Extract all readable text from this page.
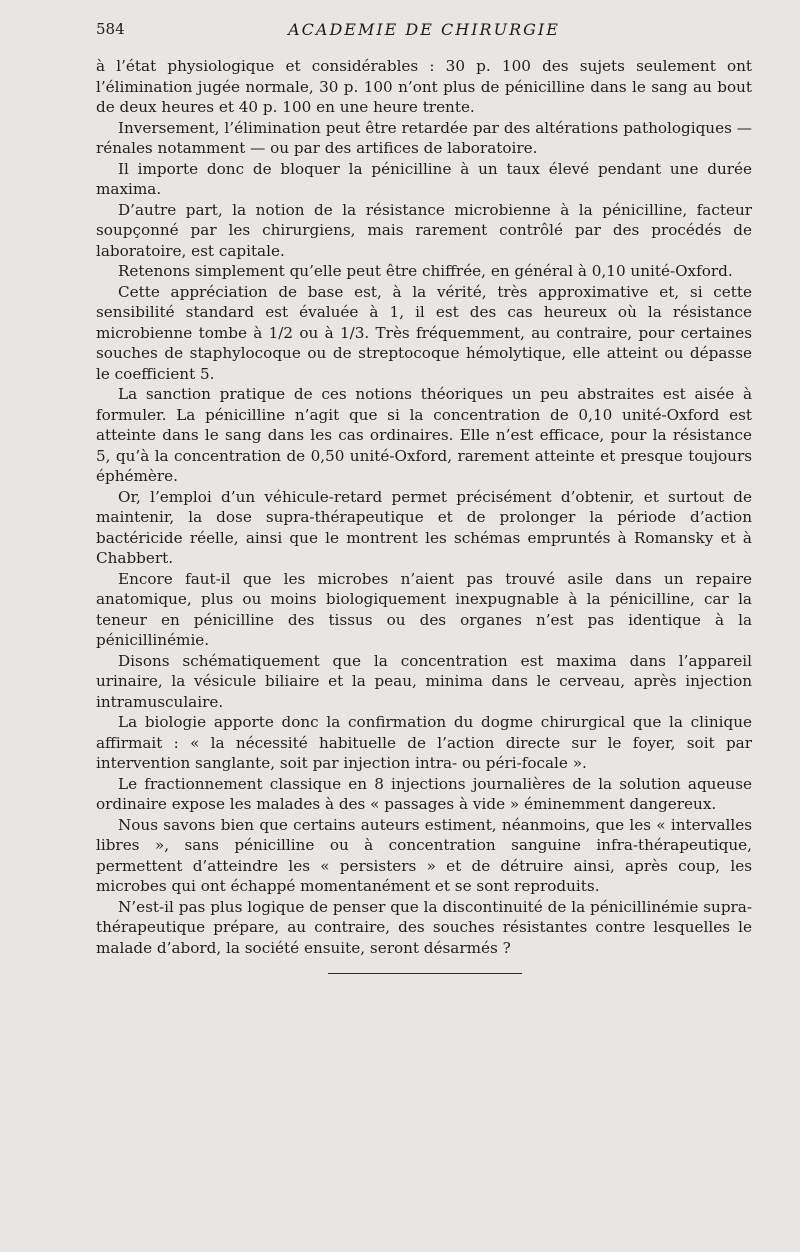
584	ACADEMIE DE CHIRURGIE

à l’état physiologique et considérables : 30 p. 100 des sujets seulement ont l’élimination jugée normale, 30 p. 100 n’ont plus de pénicilline dans le sang au bout de deux heures et 40 p. 100 en une heure trente.

Inversement, l’élimination peut être retardée par des altérations pathologiques — rénales notamment — ou par des artifices de laboratoire.

Il importe donc de bloquer la pénicilline à un taux élevé pendant une durée maxima.

D’autre part, la notion de la résistance microbienne à la pénicilline, facteur soupçonné par les chirurgiens, mais rarement contrôlé par des procédés de laboratoire, est capitale.

Retenons simplement qu’elle peut être chiffrée, en général à 0,10 unité-Oxford.

Cette appréciation de base est, à la vérité, très approximative et, si cette sensibilité standard est évaluée à 1, il est des cas heureux où la résistance microbienne tombe à 1/2 ou à 1/3. Très fréquemment, au contraire, pour certaines souches de staphylocoque ou de streptocoque hémolytique, elle atteint ou dépasse le coefficient 5.

La sanction pratique de ces notions théoriques un peu abstraites est aisée à formuler. La pénicilline n’agit que si la concentration de 0,10 unité-Oxford est atteinte dans le sang dans les cas ordinaires. Elle n’est efficace, pour la résistance 5, qu’à la concentration de 0,50 unité-Oxford, rarement atteinte et presque toujours éphémère.

Or, l’emploi d’un véhicule-retard permet précisément d’obtenir, et surtout de maintenir, la dose supra-thérapeutique et de prolonger la période d’action bactéricide réelle, ainsi que le montrent les schémas empruntés à Romansky et à Chabbert.

Encore faut-il que les microbes n’aient pas trouvé asile dans un repaire anatomique, plus ou moins biologiquement inexpugnable à la pénicilline, car la teneur en pénicilline des tissus ou des organes n’est pas identique à la pénicillinémie.

Disons schématiquement que la concentration est maxima dans l’appareil urinaire, la vésicule biliaire et la peau, minima dans le cerveau, après injection intramusculaire.

La biologie apporte donc la confirmation du dogme chirurgical que la clinique affirmait : « la nécessité habituelle de l’action directe sur le foyer, soit par intervention sanglante, soit par injection intra- ou péri-focale ».

Le fractionnement classique en 8 injections journalières de la solution aqueuse ordinaire expose les malades à des « passages à vide » éminemment dangereux.

Nous savons bien que certains auteurs estiment, néanmoins, que les « intervalles libres », sans pénicilline ou à concentration sanguine infra-thérapeutique, permettent d’atteindre les « persisters » et de détruire ainsi, après coup, les microbes qui ont échappé momentanément et se sont reproduits.

N’est-il pas plus logique de penser que la discontinuité de la pénicillinémie supra-thérapeutique prépare, au contraire, des souches résistantes contre lesquelles le malade d’abord, la société ensuite, seront désarmés ?
